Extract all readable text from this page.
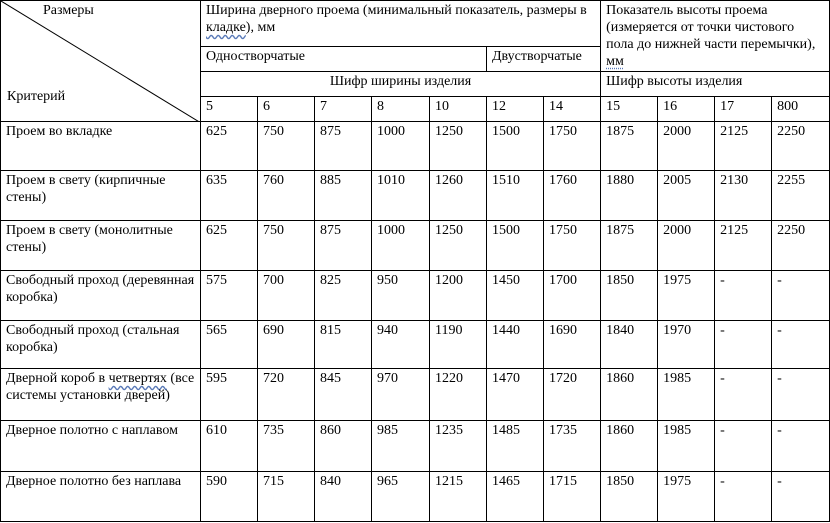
Размеры
Критерий	Ширина дверного проема (минимальный показатель, размеры в кладке), мм							Показатель высоты проема (измеряется от точки чистового пола до нижней части перемычки), мм			
	Одностворчатые					Двустворчатые					
	Шифр ширины изделия							Шифр высоты изделия			
	5	6	7	8	10	12	14	15	16	17	800
Проем во вкладке	625	750	875	1000	1250	1500	1750	1875	2000	2125	2250
Проем в свету (кирпичные стены)	635	760	885	1010	1260	1510	1760	1880	2005	2130	2255
Проем в свету (монолитные стены)	625	750	875	1000	1250	1500	1750	1875	2000	2125	2250
Свободный проход (деревянная коробка)	575	700	825	950	1200	1450	1700	1850	1975	-	-
Свободный проход (стальная коробка)	565	690	815	940	1190	1440	1690	1840	1970	-	-
Дверной короб в четвертях (все системы установки дверей)	595	720	845	970	1220	1470	1720	1860	1985	-	-
Дверное полотно с наплавом	610	735	860	985	1235	1485	1735	1860	1985	-	-
Дверное полотно без наплава	590	715	840	965	1215	1465	1715	1850	1975	-	-
